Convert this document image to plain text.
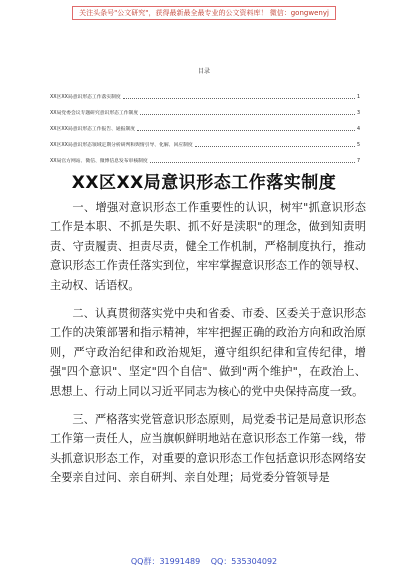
关注头条号"公文研究"，获得最新最全最专业的公文资料库！ 微信：gongwenyj
目录
XX区XX局意识形态工作落实制度	1
XX局党委会议专题研究意识形态工作制度	3
XX区XX局意识形态工作报告、通报制度	4
XX区XX局意识形态领域定期分析研判和舆情引导、化解、回应制度	5
XX局官方网站、微信、微博信息发布审核制度	7
XX区XX局意识形态工作落实制度

一、增强对意识形态工作重要性的认识，树牢"抓意识形态工作是本职、不抓是失职、抓不好是渎职"的理念，做到知责明责、守责履责、担责尽责，健全工作机制，严格制度执行，推动意识形态工作责任落实到位，牢牢掌握意识形态工作的领导权、主动权、话语权。

二、认真贯彻落实党中央和省委、市委、区委关于意识形态工作的决策部署和指示精神，牢牢把握正确的政治方向和政治原则，严守政治纪律和政治规矩，遵守组织纪律和宣传纪律，增强"四个意识"、坚定"四个自信"、做到"两个维护"，在政治上、思想上、行动上同以习近平同志为核心的党中央保持高度一致。

三、严格落实党管意识形态原则，局党委书记是局意识形态工作第一责任人，应当旗帜鲜明地站在意识形态工作第一线，带头抓意识形态工作，对重要的意识形态工作包括意识形态网络安全要亲自过问、亲自研判、亲自处理；局党委分管领导是

QQ群：31991489 QQ：535304092
